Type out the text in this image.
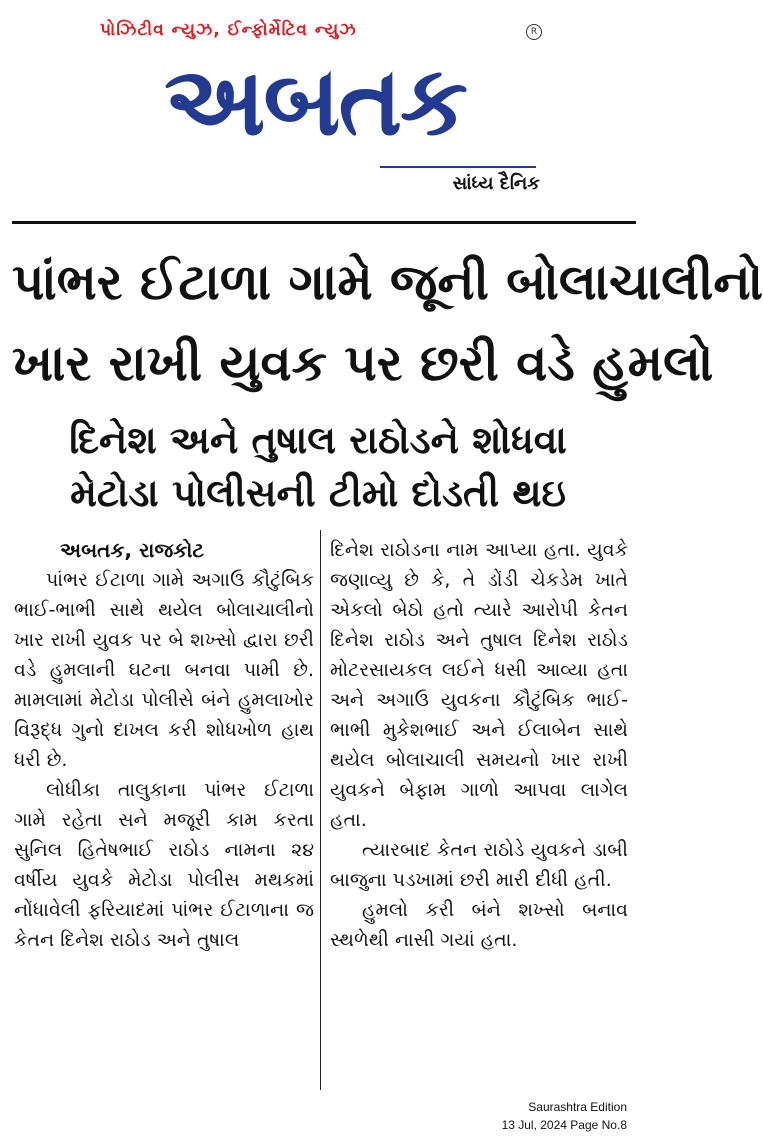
પોઝિટીવ ન્યુઝ, ઈન્ફોર્મેટિવ ન્યુઝ	R
અબતક
સાંધ્ય દૈનિક
પાંભર ઈટાળા ગામે જૂની બોલાચાલીનો
ખાર રાખી યુવક પર છરી વડે હુમલો
દિનેશ અને તુષાલ રાઠોડને શોધવા
મેટોડા પોલીસની ટીમો દોડતી થઇ

અબતક, રાજકોટ

પાંભર ઈટાળા ગામે અગાઉ કૌટુંબિક ભાઈ-ભાભી સાથે થયેલ બોલાચાલીનો ખાર રાખી યુવક પર બે શખ્સો દ્વારા છરી વડે હુમલાની ઘટના બનવા પામી છે. મામલામાં મેટોડા પોલીસે બંને હુમલાખોર વિરૂદ્ધ ગુનો દાખલ કરી શોધખોળ હાથ ધરી છે.

લોધીકા તાલુકાના પાંભર ઈટાળા ગામે રહેતા સને મજૂરી કામ કરતા સુનિલ હિતેષભાઈ રાઠોડ નામના ૨૪ વર્ષીય યુવકે મેટોડા પોલીસ મથકમાં નોંધાવેલી ફરિયાદમાં પાંભર ઈટાળાના જ કેતન દિનેશ રાઠોડ અને તુષાલ

દિનેશ રાઠોડના નામ આપ્યા હતા. યુવકે જણાવ્યુ છે કે, તે ડોંડી ચેકડેમ ખાતે એકલો બેઠો હતો ત્યારે આરોપી કેતન દિનેશ રાઠોડ અને તુષાલ દિનેશ રાઠોડ મોટરસાયકલ લઈને ધસી આવ્યા હતા અને અગાઉ યુવકના કૌટુંબિક ભાઈ-ભાભી મુકેશભાઈ અને ઈલાબેન સાથે થયેલ બોલાચાલી સમયનો ખાર રાખી યુવકને બેફામ ગાળો આપવા લાગેલ હતા.

ત્યારબાદ કેતન રાઠોડે યુવકને ડાબી બાજુના પડખામાં છરી મારી દીધી હતી.

હુમલો કરી બંને શખ્સો બનાવ સ્થળેથી નાસી ગયાં હતા.

Saurashtra Edition
13 Jul, 2024 Page No.8
